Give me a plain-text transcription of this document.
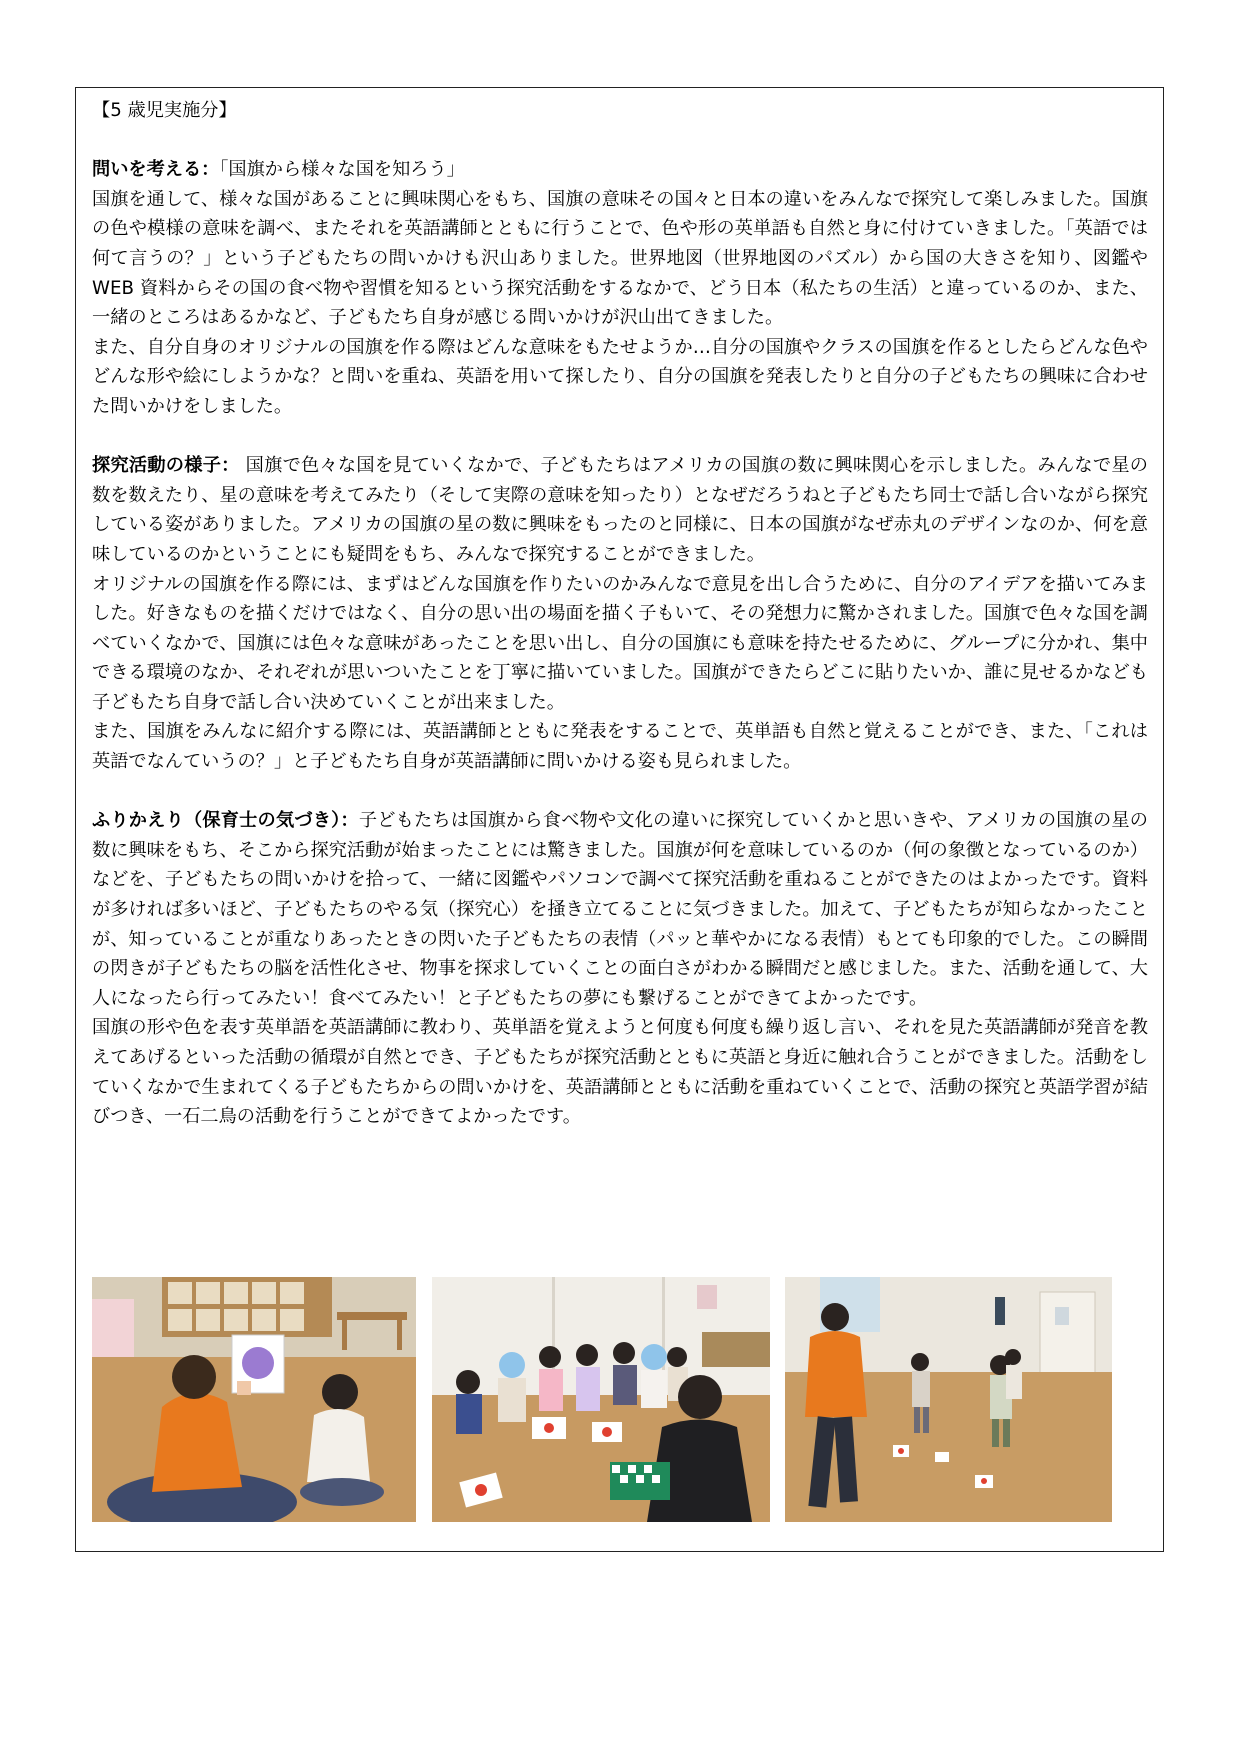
【5 歳児実施分】

問いを考える：「国旗から様々な国を知ろう」
国旗を通して、様々な国があることに興味関心をもち、国旗の意味その国々と日本の違いをみんなで探究して楽しみました。国旗の色や模様の意味を調べ、またそれを英語講師とともに行うことで、色や形の英単語も自然と身に付けていきました。「英語では何て言うの？」という子どもたちの問いかけも沢山ありました。世界地図（世界地図のパズル）から国の大きさを知り、図鑑や WEB 資料からその国の食べ物や習慣を知るという探究活動をするなかで、どう日本（私たちの生活）と違っているのか、また、一緒のところはあるかなど、子どもたち自身が感じる問いかけが沢山出てきました。

また、自分自身のオリジナルの国旗を作る際はどんな意味をもたせようか…自分の国旗やクラスの国旗を作るとしたらどんな色やどんな形や絵にしようかな？と問いを重ね、英語を用いて探したり、自分の国旗を発表したりと自分の子どもたちの興味に合わせた問いかけをしました。

探究活動の様子： 国旗で色々な国を見ていくなかで、子どもたちはアメリカの国旗の数に興味関心を示しました。みんなで星の数を数えたり、星の意味を考えてみたり（そして実際の意味を知ったり）となぜだろうねと子どもたち同士で話し合いながら探究している姿がありました。アメリカの国旗の星の数に興味をもったのと同様に、日本の国旗がなぜ赤丸のデザインなのか、何を意味しているのかということにも疑問をもち、みんなで探究することができました。

オリジナルの国旗を作る際には、まずはどんな国旗を作りたいのかみんなで意見を出し合うために、自分のアイデアを描いてみました。好きなものを描くだけではなく、自分の思い出の場面を描く子もいて、その発想力に驚かされました。国旗で色々な国を調べていくなかで、国旗には色々な意味があったことを思い出し、自分の国旗にも意味を持たせるために、グループに分かれ、集中できる環境のなか、それぞれが思いついたことを丁寧に描いていました。国旗ができたらどこに貼りたいか、誰に見せるかなども子どもたち自身で話し合い決めていくことが出来ました。

また、国旗をみんなに紹介する際には、英語講師とともに発表をすることで、英単語も自然と覚えることができ、また、「これは英語でなんていうの？」と子どもたち自身が英語講師に問いかける姿も見られました。

ふりかえり（保育士の気づき）：子どもたちは国旗から食べ物や文化の違いに探究していくかと思いきや、アメリカの国旗の星の数に興味をもち、そこから探究活動が始まったことには驚きました。国旗が何を意味しているのか（何の象徴となっているのか）などを、子どもたちの問いかけを拾って、一緒に図鑑やパソコンで調べて探究活動を重ねることができたのはよかったです。資料が多ければ多いほど、子どもたちのやる気（探究心）を掻き立てることに気づきました。加えて、子どもたちが知らなかったことが、知っていることが重なりあったときの閃いた子どもたちの表情（パッと華やかになる表情）もとても印象的でした。この瞬間の閃きが子どもたちの脳を活性化させ、物事を探求していくことの面白さがわかる瞬間だと感じました。また、活動を通して、大人になったら行ってみたい！食べてみたい！と子どもたちの夢にも繋げることができてよかったです。

国旗の形や色を表す英単語を英語講師に教わり、英単語を覚えようと何度も何度も繰り返し言い、それを見た英語講師が発音を教えてあげるといった活動の循環が自然とでき、子どもたちが探究活動とともに英語と身近に触れ合うことができました。活動をしていくなかで生まれてくる子どもたちからの問いかけを、英語講師とともに活動を重ねていくことで、活動の探究と英語学習が結びつき、一石二鳥の活動を行うことができてよかったです。
